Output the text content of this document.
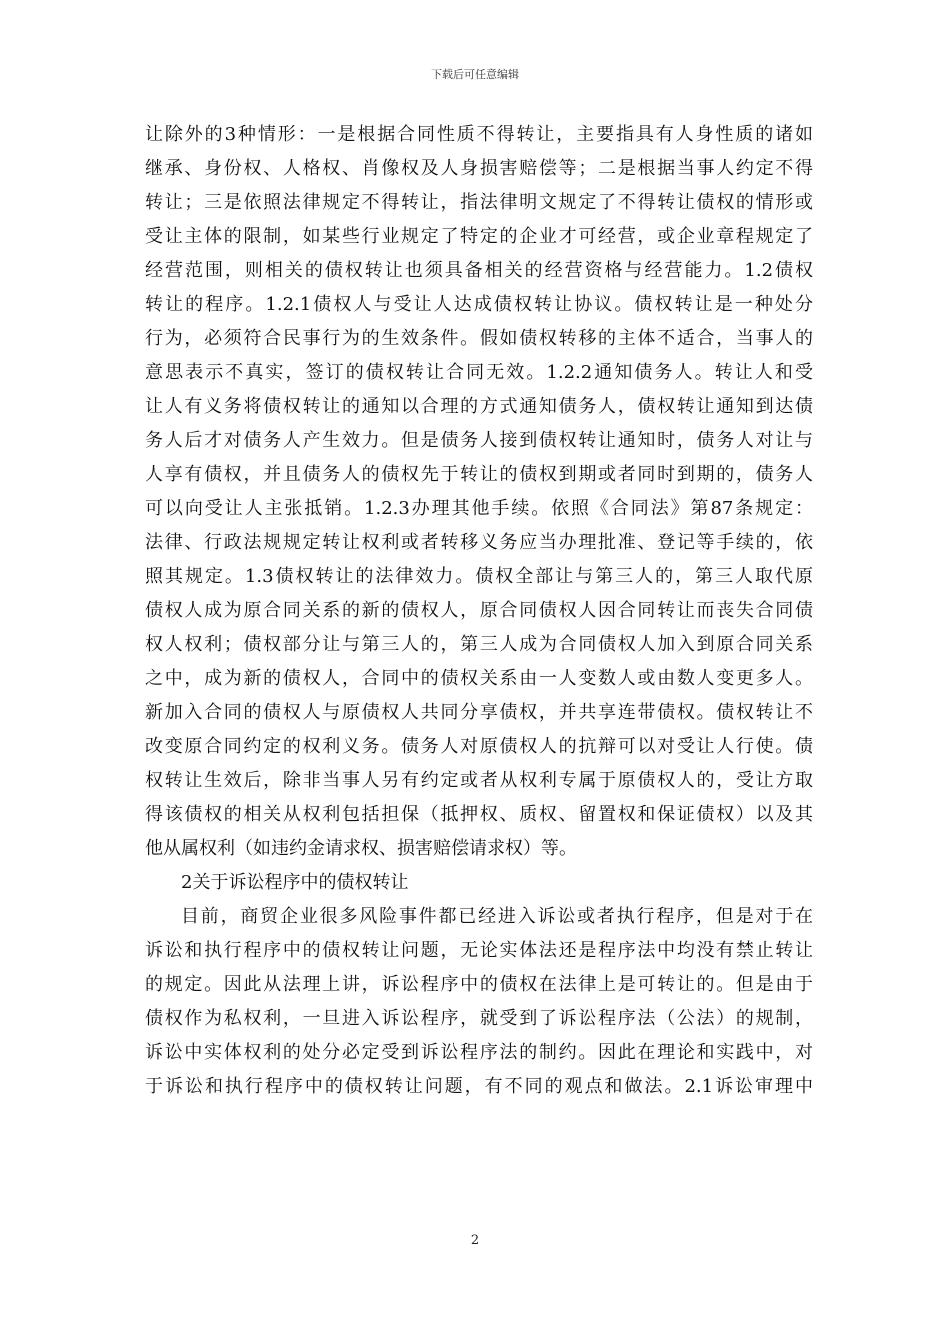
下载后可任意编辑
让除外的3种情形：一是根据合同性质不得转让，主要指具有人身性质的诸如
继承、身份权、人格权、肖像权及人身损害赔偿等；二是根据当事人约定不得
转让；三是依照法律规定不得转让，指法律明文规定了不得转让债权的情形或
受让主体的限制，如某些行业规定了特定的企业才可经营，或企业章程规定了
经营范围，则相关的债权转让也须具备相关的经营资格与经营能力。1.2债权
转让的程序。1.2.1债权人与受让人达成债权转让协议。债权转让是一种处分
行为，必须符合民事行为的生效条件。假如债权转移的主体不适合，当事人的
意思表示不真实，签订的债权转让合同无效。1.2.2通知债务人。转让人和受
让人有义务将债权转让的通知以合理的方式通知债务人，债权转让通知到达债
务人后才对债务人产生效力。但是债务人接到债权转让通知时，债务人对让与
人享有债权，并且债务人的债权先于转让的债权到期或者同时到期的，债务人
可以向受让人主张抵销。1.2.3办理其他手续。依照《合同法》第87条规定：
法律、行政法规规定转让权利或者转移义务应当办理批准、登记等手续的，依
照其规定。1.3债权转让的法律效力。债权全部让与第三人的，第三人取代原
债权人成为原合同关系的新的债权人，原合同债权人因合同转让而丧失合同债
权人权利；债权部分让与第三人的，第三人成为合同债权人加入到原合同关系
之中，成为新的债权人，合同中的债权关系由一人变数人或由数人变更多人。
新加入合同的债权人与原债权人共同分享债权，并共享连带债权。债权转让不
改变原合同约定的权利义务。债务人对原债权人的抗辩可以对受让人行使。债
权转让生效后，除非当事人另有约定或者从权利专属于原债权人的，受让方取
得该债权的相关从权利包括担保（抵押权、质权、留置权和保证债权）以及其
他从属权利（如违约金请求权、损害赔偿请求权）等。
2关于诉讼程序中的债权转让
目前，商贸企业很多风险事件都已经进入诉讼或者执行程序，但是对于在
诉讼和执行程序中的债权转让问题，无论实体法还是程序法中均没有禁止转让
的规定。因此从法理上讲，诉讼程序中的债权在法律上是可转让的。但是由于
债权作为私权利，一旦进入诉讼程序，就受到了诉讼程序法（公法）的规制，
诉讼中实体权利的处分必定受到诉讼程序法的制约。因此在理论和实践中，对
于诉讼和执行程序中的债权转让问题，有不同的观点和做法。2.1诉讼审理中
2
